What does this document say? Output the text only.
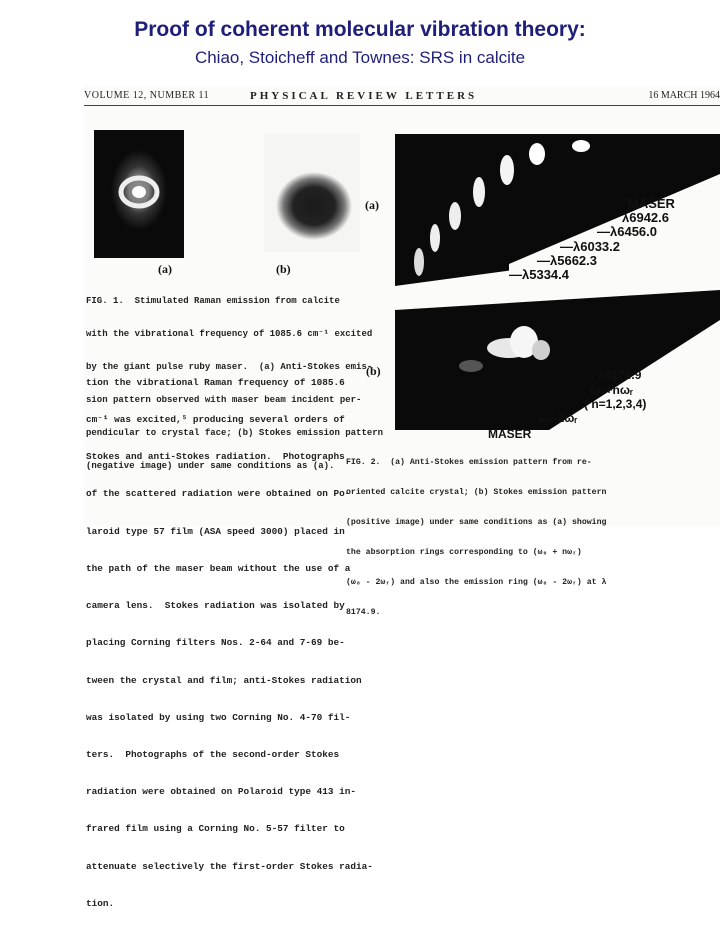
Proof of coherent molecular vibration theory:
Chiao, Stoicheff and Townes: SRS in calcite
VOLUME 12, NUMBER 11	PHYSICAL REVIEW LETTERS	16 MARCH 1964
(a)	(b)

FIG. 1.  Stimulated Raman emission from calcite

with the vibrational frequency of 1085.6 cm⁻¹ excited

by the giant pulse ruby maser.  (a) Anti-Stokes emis-

sion pattern observed with maser beam incident per-

pendicular to crystal face; (b) Stokes emission pattern

(negative image) under same conditions as (a).

tion the vibrational Raman frequency of 1085.6

cm⁻¹ was excited,⁵ producing several orders of

Stokes and anti-Stokes radiation.  Photographs

of the scattered radiation were obtained on Po-

laroid type 57 film (ASA speed 3000) placed in

the path of the maser beam without the use of a

camera lens.  Stokes radiation was isolated by

placing Corning filters Nos. 2-64 and 7-69 be-

tween the crystal and film; anti-Stokes radiation

was isolated by using two Corning No. 4-70 fil-

ters.  Photographs of the second-order Stokes

radiation were obtained on Polaroid type 413 in-

frared film using a Corning No. 5-57 filter to

attenuate selectively the first-order Stokes radia-

tion.

(a)	MASER
λ6942.6
—λ6456.0
—λ6033.2
—λ5662.3
—λ5334.4
(b)	λ8174.9
ω₀+nωᵣ
( n=1,2,3,4)
ω₀-2ωᵣ
MASER

FIG. 2.  (a) Anti-Stokes emission pattern from re-

oriented calcite crystal; (b) Stokes emission pattern

(positive image) under same conditions as (a) showing

the absorption rings corresponding to (ω₀ + nωᵣ)

(ω₀ - 2ωᵣ) and also the emission ring (ω₀ - 2ωᵣ) at λ

8174.9.
